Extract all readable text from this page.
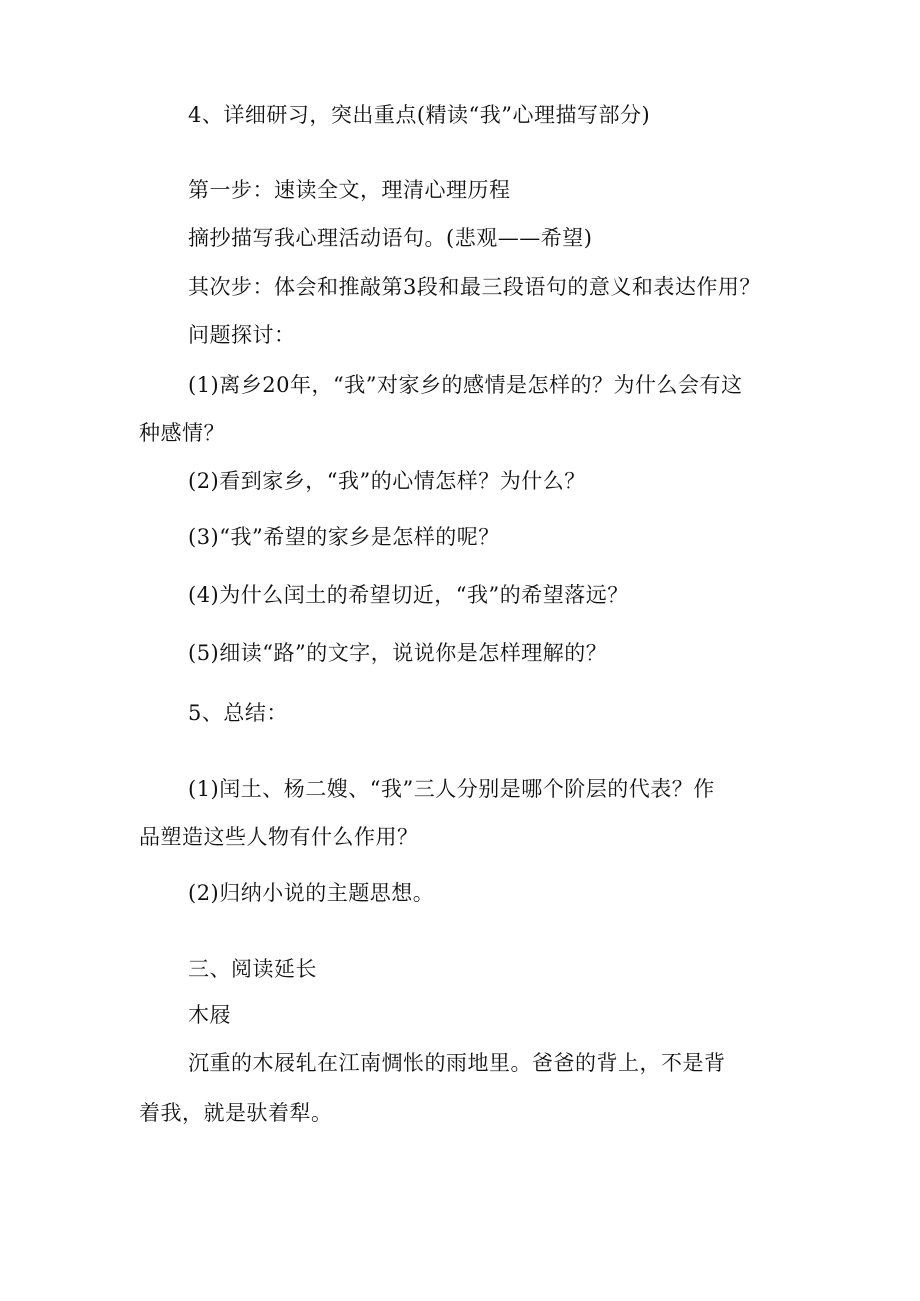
4、详细研习，突出重点(精读“我”心理描写部分)
第一步：速读全文，理清心理历程
摘抄描写我心理活动语句。(悲观——希望)
其次步：体会和推敲第3段和最三段语句的意义和表达作用？
问题探讨：
(1)离乡20年，“我”对家乡的感情是怎样的？为什么会有这
种感情？
(2)看到家乡，“我”的心情怎样？为什么？
(3)“我”希望的家乡是怎样的呢？
(4)为什么闰土的希望切近，“我”的希望落远？
(5)细读“路”的文字，说说你是怎样理解的？
5、总结：
(1)闰土、杨二嫂、“我”三人分别是哪个阶层的代表？作
品塑造这些人物有什么作用？
(2)归纳小说的主题思想。
三、阅读延长
木屐
沉重的木屐轧在江南惆怅的雨地里。爸爸的背上，不是背
着我，就是驮着犁。
